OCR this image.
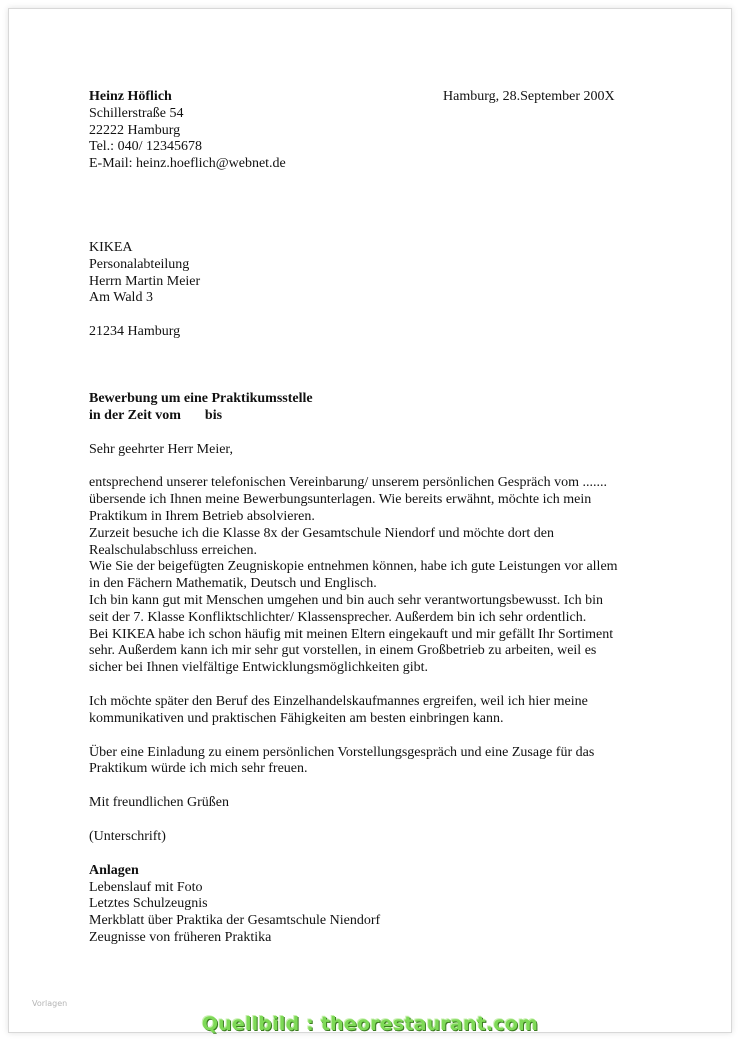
Hamburg, 28.September 200X
Heinz Höflich
Schillerstraße 54
22222 Hamburg
Tel.: 040/ 12345678
E-Mail: heinz.hoeflich@webnet.de
KIKEA
Personalabteilung
Herrn Martin Meier
Am Wald 3
21234 Hamburg
Bewerbung um eine Praktikumsstelle
in der Zeit vom bis
Sehr geehrter Herr Meier,
entsprechend unserer telefonischen Vereinbarung/ unserem persönlichen Gespräch vom .......
übersende ich Ihnen meine Bewerbungsunterlagen. Wie bereits erwähnt, möchte ich mein
Praktikum in Ihrem Betrieb absolvieren.
Zurzeit besuche ich die Klasse 8x der Gesamtschule Niendorf und möchte dort den
Realschulabschluss erreichen.
Wie Sie der beigefügten Zeugniskopie entnehmen können, habe ich gute Leistungen vor allem
in den Fächern Mathematik, Deutsch und Englisch.
Ich bin kann gut mit Menschen umgehen und bin auch sehr verantwortungsbewusst. Ich bin
seit der 7. Klasse Konfliktschlichter/ Klassensprecher. Außerdem bin ich sehr ordentlich.
Bei KIKEA habe ich schon häufig mit meinen Eltern eingekauft und mir gefällt Ihr Sortiment
sehr. Außerdem kann ich mir sehr gut vorstellen, in einem Großbetrieb zu arbeiten, weil es
sicher bei Ihnen vielfältige Entwicklungsmöglichkeiten gibt.
Ich möchte später den Beruf des Einzelhandelskaufmannes ergreifen, weil ich hier meine
kommunikativen und praktischen Fähigkeiten am besten einbringen kann.
Über eine Einladung zu einem persönlichen Vorstellungsgespräch und eine Zusage für das
Praktikum würde ich mich sehr freuen.
Mit freundlichen Grüßen
(Unterschrift)
Anlagen
Lebenslauf mit Foto
Letztes Schulzeugnis
Merkblatt über Praktika der Gesamtschule Niendorf
Zeugnisse von früheren Praktika
Vorlagen
Quellbild : theorestaurant.com
